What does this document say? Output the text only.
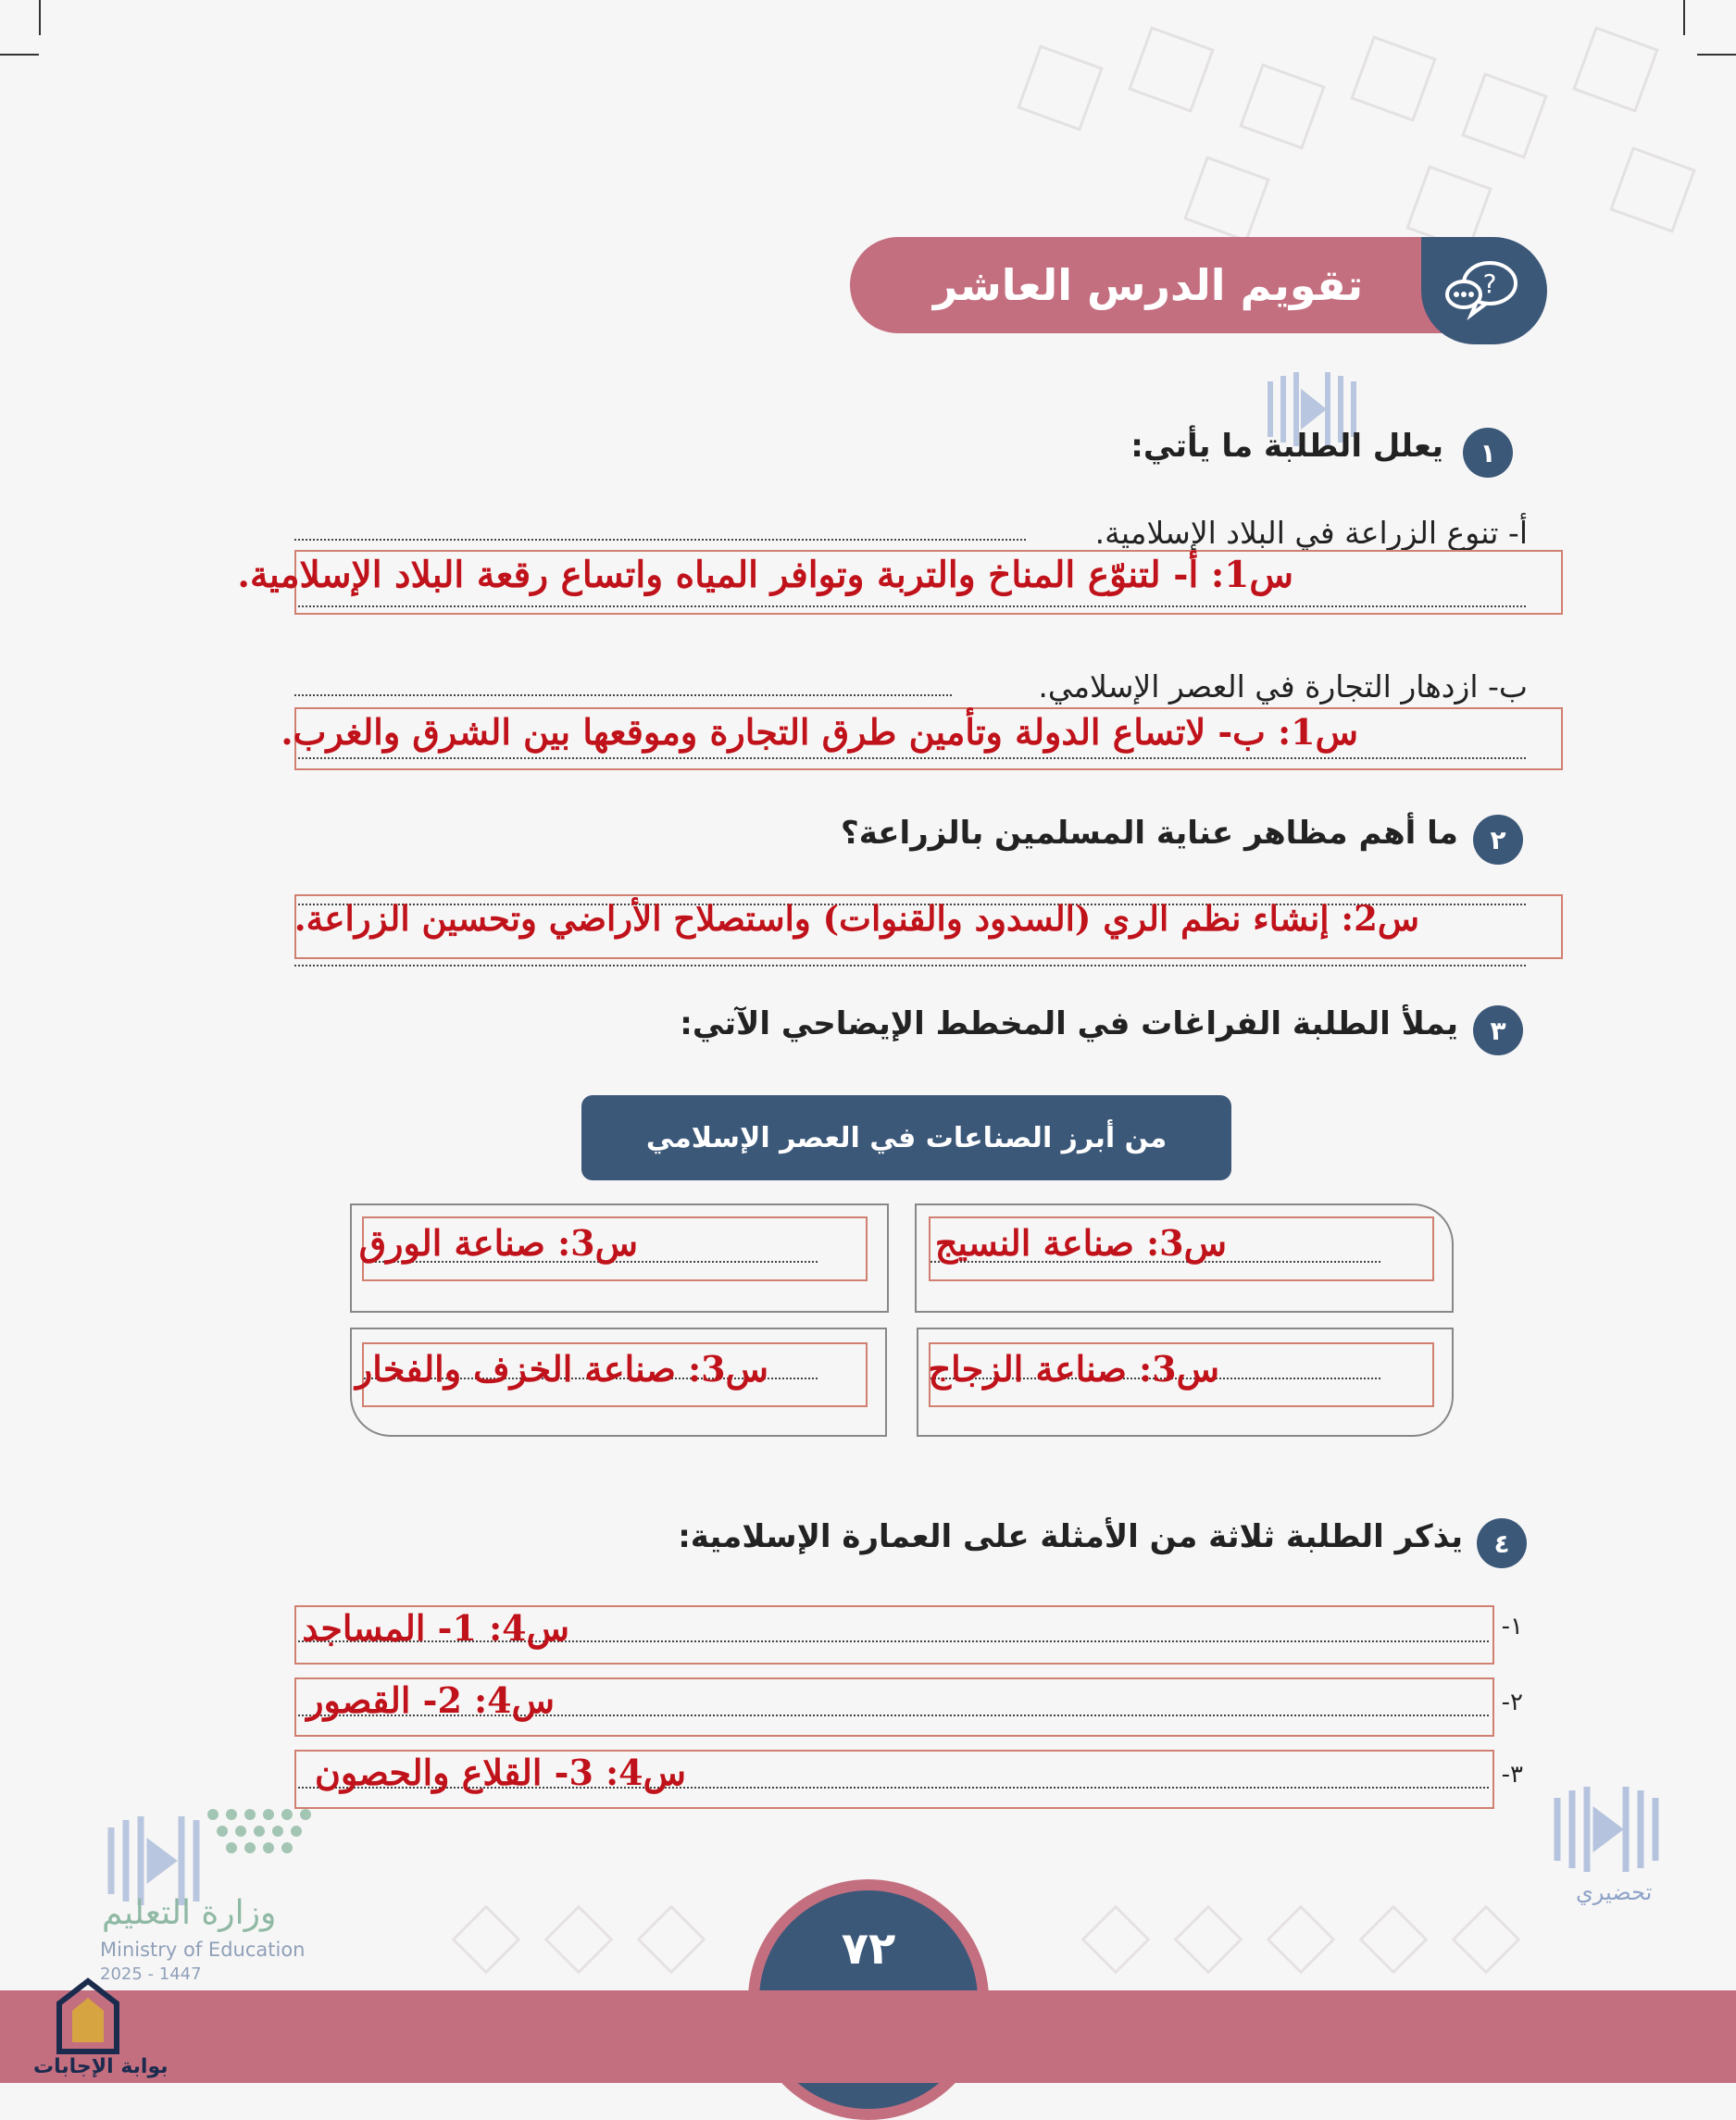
تقويم الدرس العاشر	?
١
يعلل الطلبة ما يأتي:
أ- تنوع الزراعة في البلاد الإسلامية.
س1: أ- لتنوّع المناخ والتربة وتوافر المياه واتساع رقعة البلاد الإسلامية.
ب- ازدهار التجارة في العصر الإسلامي.
س1: ب- لاتساع الدولة وتأمين طرق التجارة وموقعها بين الشرق والغرب.
٢
ما أهم مظاهر عناية المسلمين بالزراعة؟
س2: إنشاء نظم الري (السدود والقنوات) واستصلاح الأراضي وتحسين الزراعة.
٣
يملأ الطلبة الفراغات في المخطط الإيضاحي الآتي:
من أبرز الصناعات في العصر الإسلامي
س3: صناعة النسيج
س3: صناعة الورق
س3: صناعة الزجاج
س3: صناعة الخزف والفخار
٤
يذكر الطلبة ثلاثة من الأمثلة على العمارة الإسلامية:
١-
س4: 1- المساجد
٢-
س4: 2- القصور
٣-
س4: 3- القلاع والحصون
تحضيري
٧٢
وزارة التعليم
Ministry of Education
2025 - 1447
بوابة الإجابات
